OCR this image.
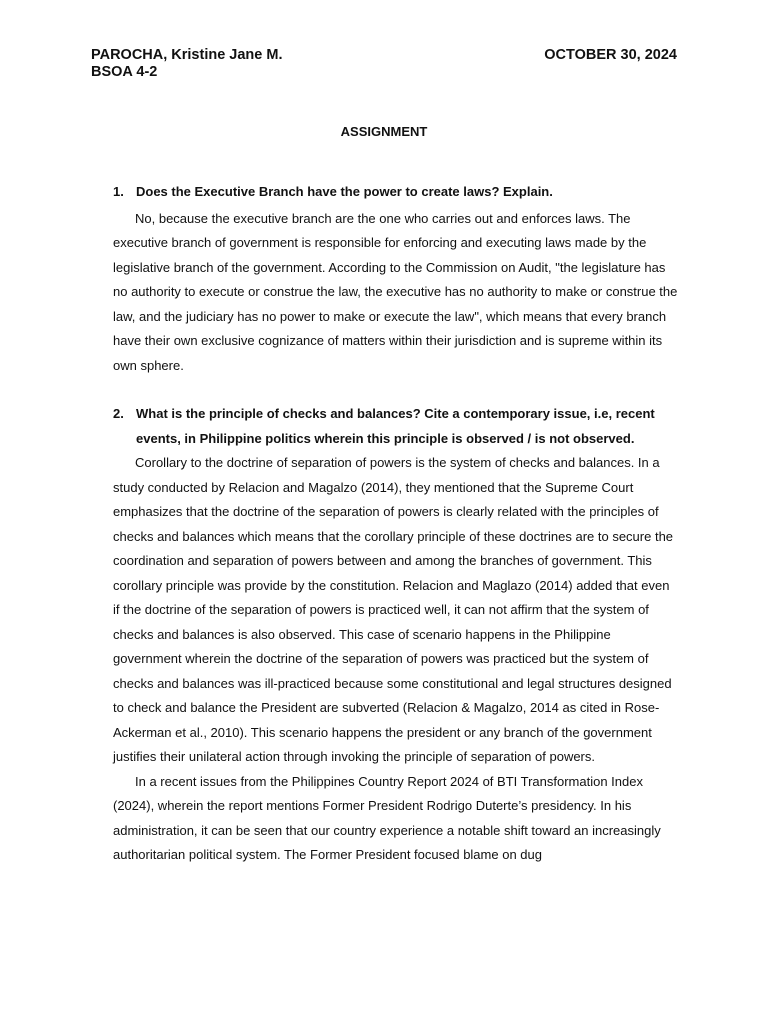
PAROCHA, Kristine Jane M.
BSOA 4-2
OCTOBER 30, 2024
ASSIGNMENT
1. Does the Executive Branch have the power to create laws? Explain.

No, because the executive branch are the one who carries out and enforces laws. The executive branch of government is responsible for enforcing and executing laws made by the legislative branch of the government. According to the Commission on Audit, "the legislature has no authority to execute or construe the law, the executive has no authority to make or construe the law, and the judiciary has no power to make or execute the law", which means that every branch have their own exclusive cognizance of matters within their jurisdiction and is supreme within its own sphere.

2. What is the principle of checks and balances? Cite a contemporary issue, i.e, recent events, in Philippine politics wherein this principle is observed / is not observed.

Corollary to the doctrine of separation of powers is the system of checks and balances. In a study conducted by Relacion and Magalzo (2014), they mentioned that the Supreme Court emphasizes that the doctrine of the separation of powers is clearly related with the principles of checks and balances which means that the corollary principle of these doctrines are to secure the coordination and separation of powers between and among the branches of government. This corollary principle was provide by the constitution. Relacion and Maglazo (2014) added that even if the doctrine of the separation of powers is practiced well, it can not affirm that the system of checks and balances is also observed. This case of scenario happens in the Philippine government wherein the doctrine of the separation of powers was practiced but the system of checks and balances was ill-practiced because some constitutional and legal structures designed to check and balance the President are subverted (Relacion & Magalzo, 2014 as cited in Rose-Ackerman et al., 2010). This scenario happens the president or any branch of the government justifies their unilateral action through invoking the principle of separation of powers.

In a recent issues from the Philippines Country Report 2024 of BTI Transformation Index (2024), wherein the report mentions Former President Rodrigo Duterte’s presidency. In his administration, it can be seen that our country experience a notable shift toward an increasingly authoritarian political system. The Former President focused blame on dug
